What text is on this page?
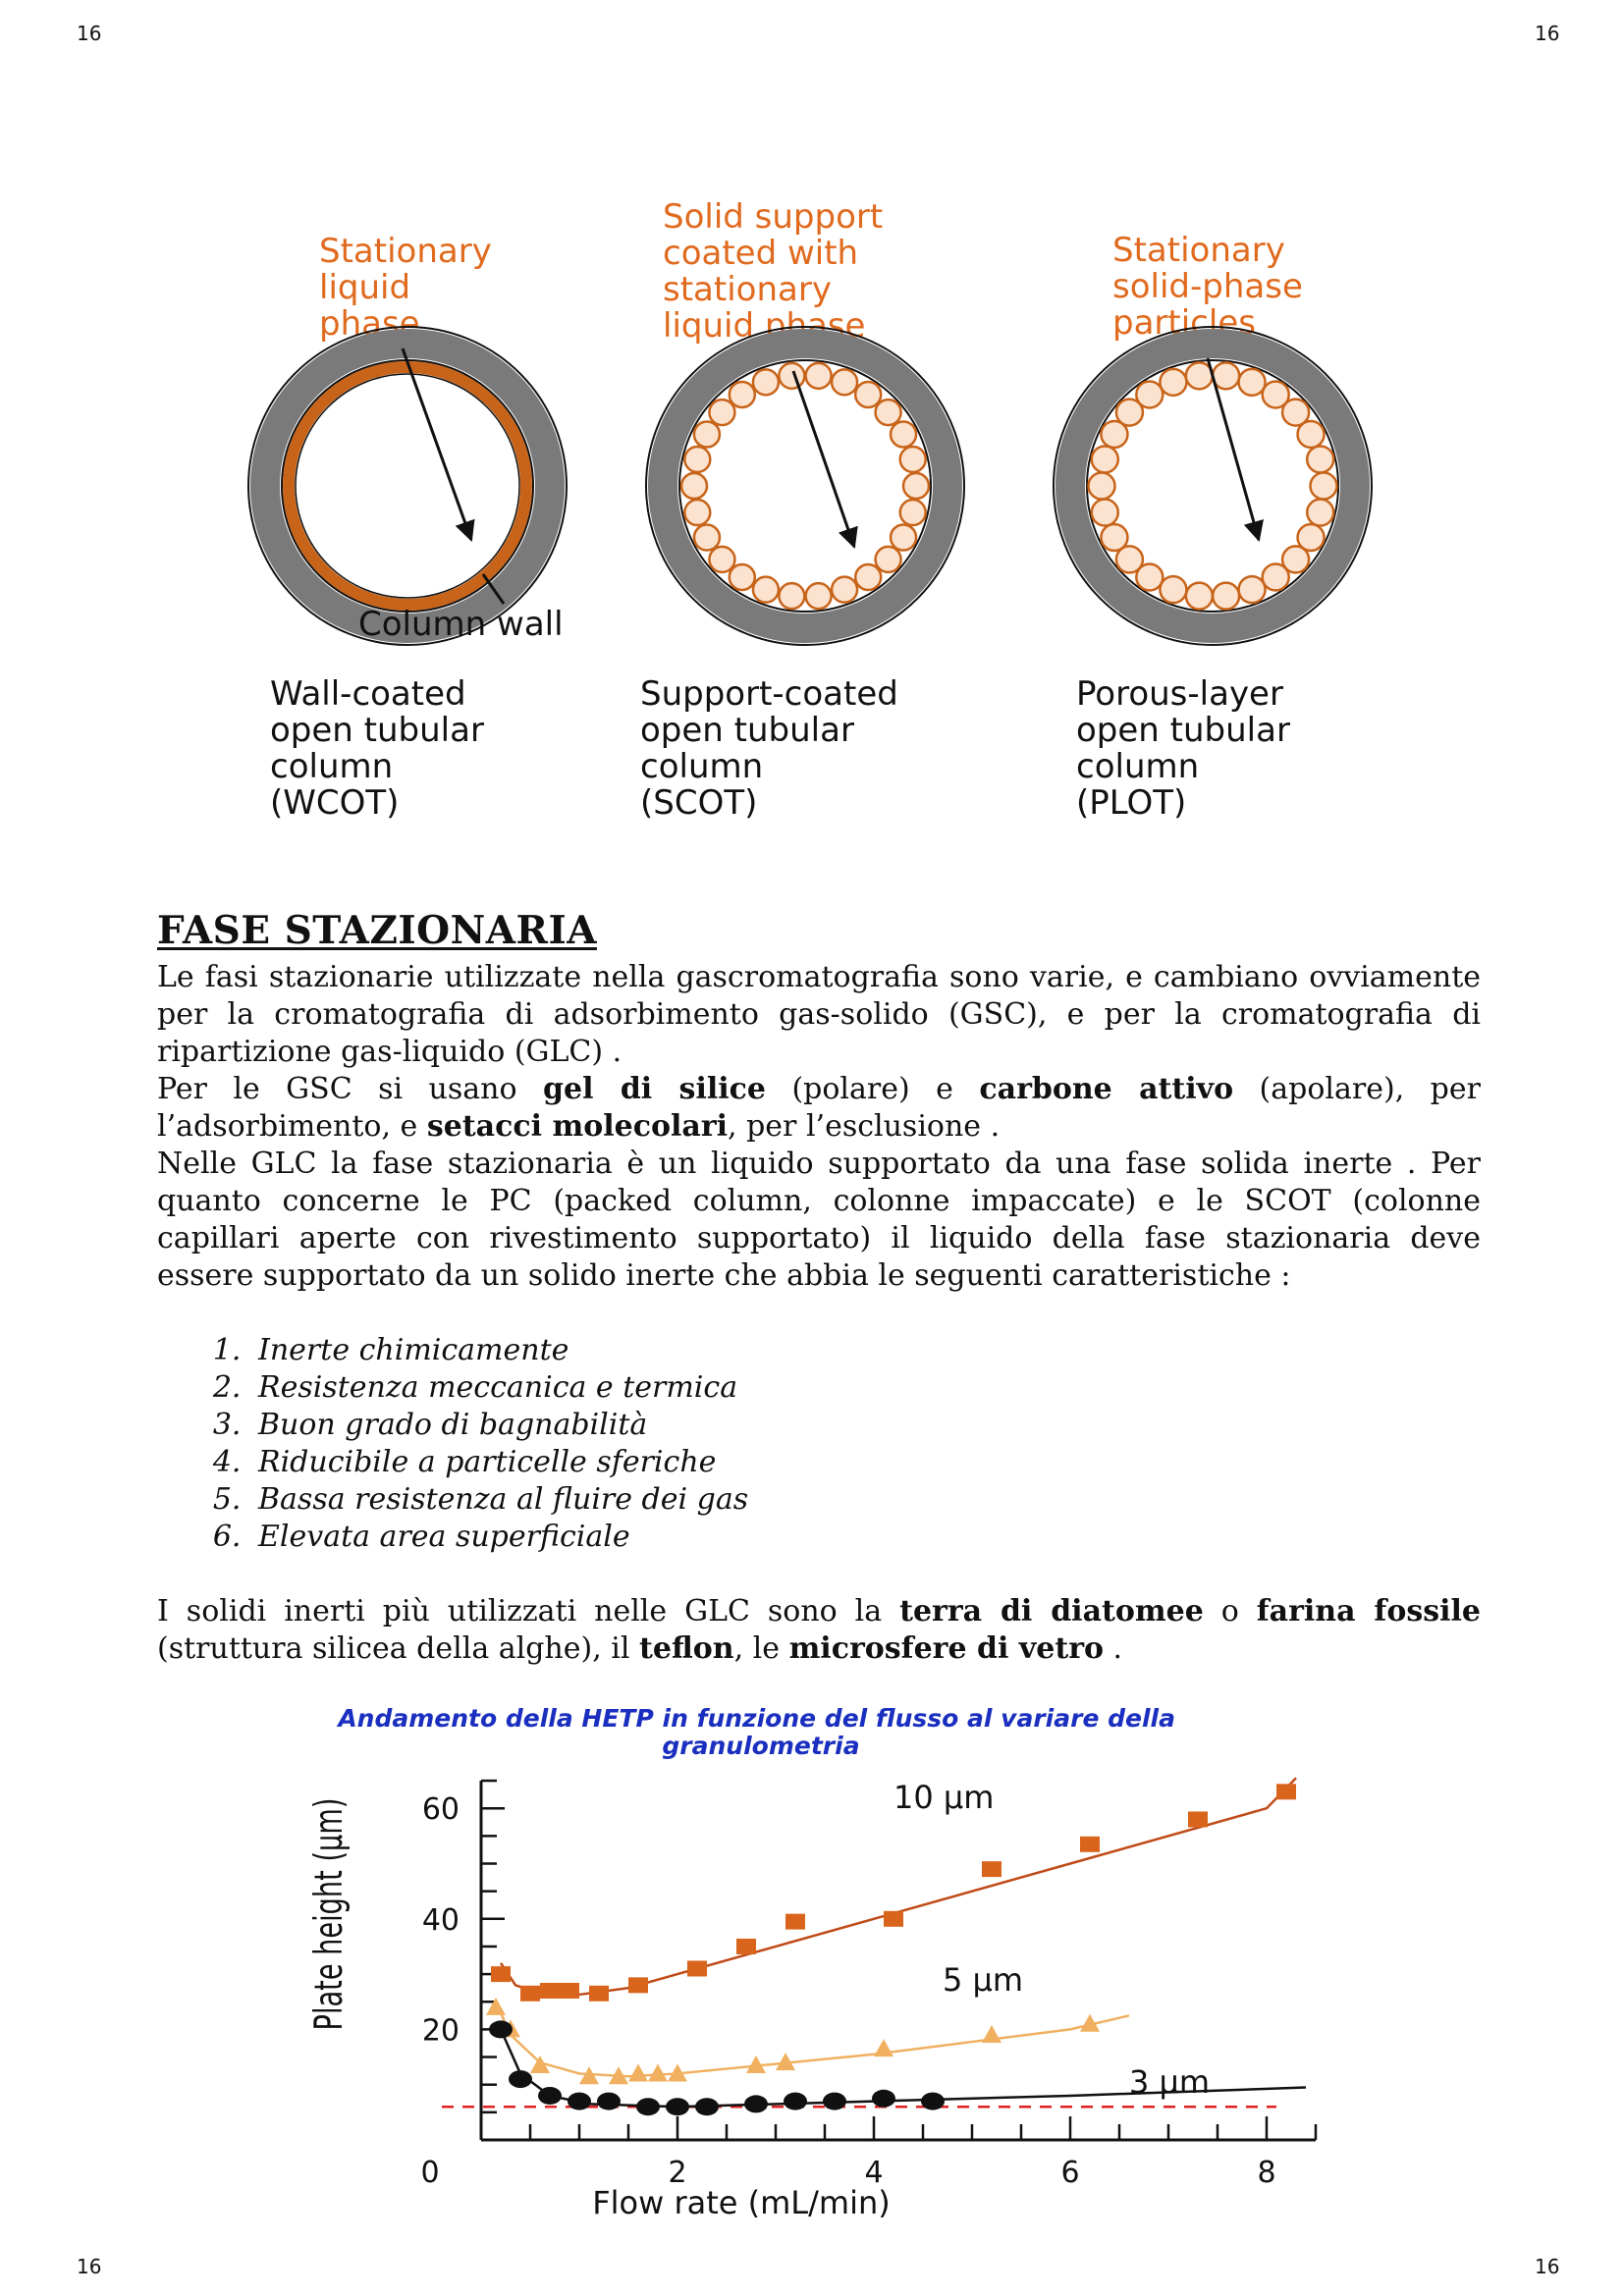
16	16
16	16
Stationary liquid phase
Solid support coated with stationary liquid phase
Stationary solid-phase particles
Column wall
Wall-coated open tubular column (WCOT)
Support-coated open tubular column (SCOT)
Porous-layer open tubular column (PLOT)
FASE STAZIONARIA

Le fasi stazionarie utilizzate nella gascromatografia sono varie, e cambiano ovviamente per la cromatografia di adsorbimento gas-solido (GSC), e per la cromatografia di ripartizione gas-liquido (GLC) .

Per le GSC si usano gel di silice (polare) e carbone attivo (apolare), per l’adsorbimento, e setacci molecolari, per l’esclusione .

Nelle GLC la fase stazionaria è un liquido supportato da una fase solida inerte . Per quanto concerne le PC (packed column, colonne impaccate) e le SCOT (colonne capillari aperte con rivestimento supportato) il liquido della fase stazionaria deve essere supportato da un solido inerte che abbia le seguenti caratteristiche :

1. Inerte chimicamente
2. Resistenza meccanica e termica
3. Buon grado di bagnabilità
4. Riducibile a particelle sferiche
5. Bassa resistenza al fluire dei gas
6. Elevata area superficiale

I solidi inerti più utilizzati nelle GLC sono la terra di diatomee o farina fossile (struttura silicea della alghe), il teflon, le microsfere di vetro .

Andamento della HETP in funzione del flusso al variare della granulometria
20
40
60
0	2	4	6	8
10 µm
5 µm
3 µm
Plate height (µm)
Flow rate (mL/min)
